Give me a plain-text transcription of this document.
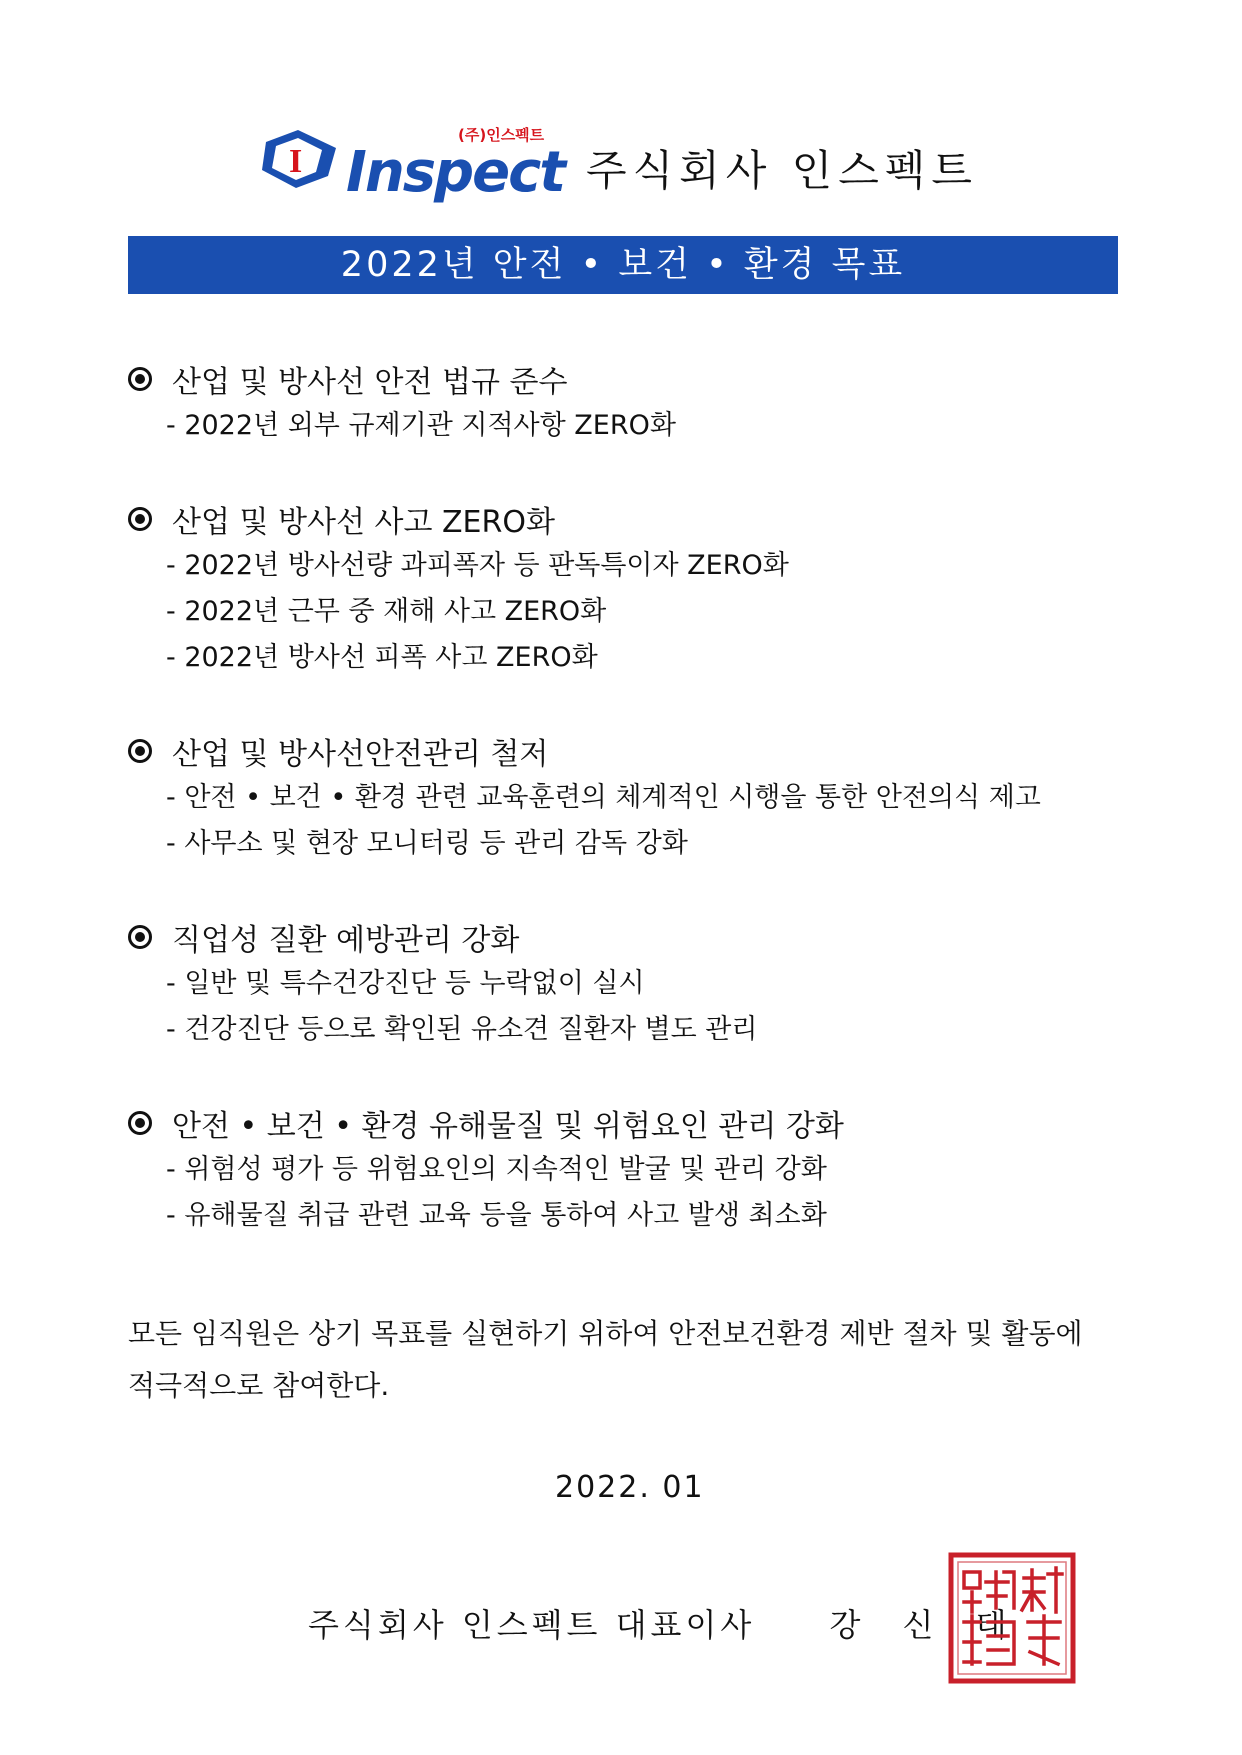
I
(주)인스펙트
Inspect 주식회사 인스펙트
2022년 안전 • 보건 • 환경 목표
산업 및 방사선 안전 법규 준수
- 2022년 외부 규제기관 지적사항 ZERO화
산업 및 방사선 사고 ZERO화
- 2022년 방사선량 과피폭자 등 판독특이자 ZERO화
- 2022년 근무 중 재해 사고 ZERO화
- 2022년 방사선 피폭 사고 ZERO화
산업 및 방사선안전관리 철저
- 안전 • 보건 • 환경 관련 교육훈련의 체계적인 시행을 통한 안전의식 제고
- 사무소 및 현장 모니터링 등 관리 감독 강화
직업성 질환 예방관리 강화
- 일반 및 특수건강진단 등 누락없이 실시
- 건강진단 등으로 확인된 유소견 질환자 별도 관리
안전 • 보건 • 환경 유해물질 및 위험요인 관리 강화
- 위험성 평가 등 위험요인의 지속적인 발굴 및 관리 강화
- 유해물질 취급 관련 교육 등을 통하여 사고 발생 최소화
모든 임직원은 상기 목표를 실현하기 위하여 안전보건환경 제반 절차 및 활동에 적극적으로 참여한다.
2022. 01
주식회사 인스펙트 대표이사 강 신 태
